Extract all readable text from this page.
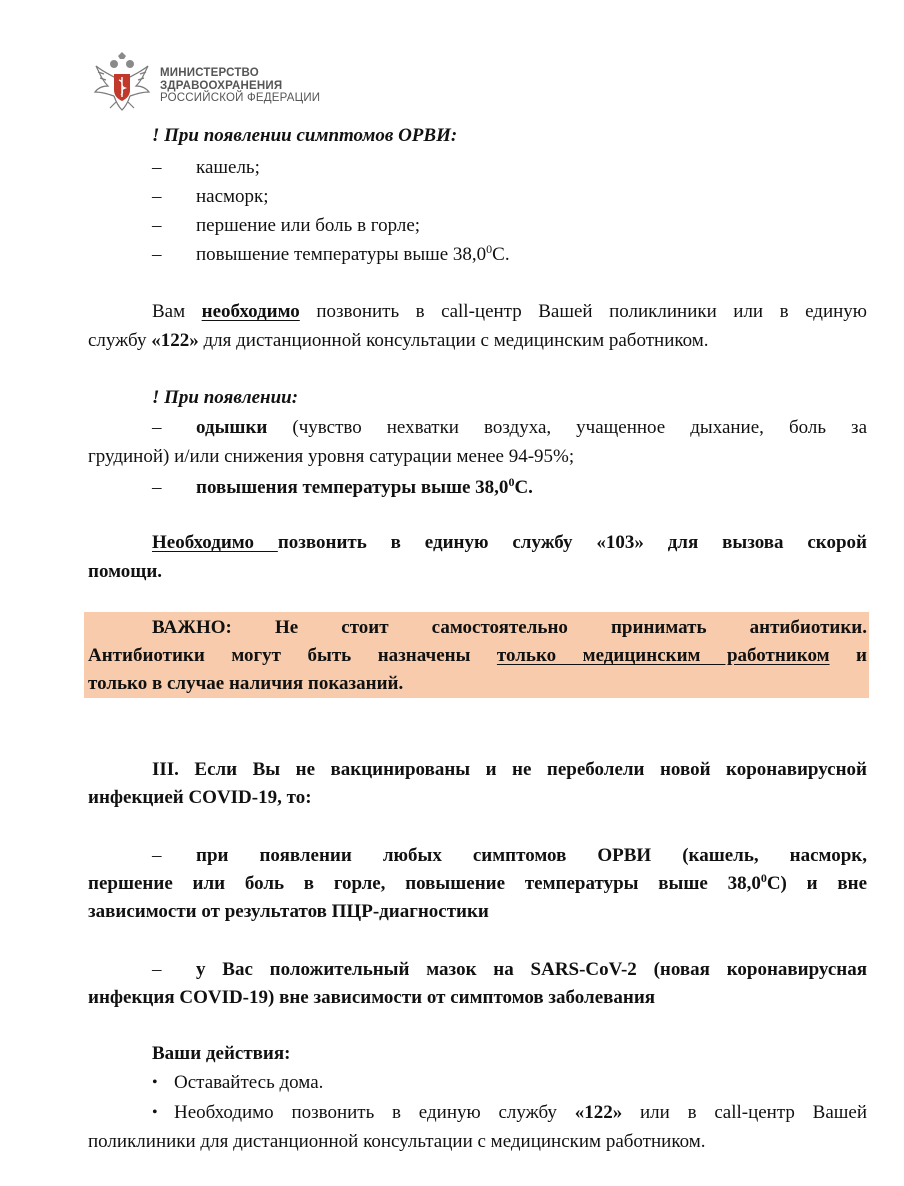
МИНИСТЕРСТВО
ЗДРАВООХРАНЕНИЯ
РОССИЙСКОЙ ФЕДЕРАЦИИ
! При появлении симптомов ОРВИ:
– кашель;
– насморк;
– першение или боль в горле;
– повышение температуры выше 38,0$^0$С.
Вам необходимо позвонить в call-центр Вашей поликлиники или в единую
службу «122» для дистанционной консультации с медицинским работником.
! При появлении:
– одышки (чувство нехватки воздуха, учащенное дыхание, боль за
грудиной) и/или снижения уровня сатурации менее 94-95%;
– повышения температуры выше 38,0$^0$С.
Необходимо позвонить в единую службу «103» для вызова скорой
помощи.
ВАЖНО: Не стоит самостоятельно принимать антибиотики.
Антибиотики могут быть назначены только медицинским работником и
только в случае наличия показаний.
III. Если Вы не вакцинированы и не переболели новой коронавирусной
инфекцией COVID-19, то:
– при появлении любых симптомов ОРВИ (кашель, насморк,
першение или боль в горле, повышение температуры выше 38,0$^0$С) и вне
зависимости от результатов ПЦР-диагностики
– у Вас положительный мазок на SARS-CoV-2 (новая коронавирусная
инфекция COVID-19) вне зависимости от симптомов заболевания
Ваши действия:
• Оставайтесь дома.
• Необходимо позвонить в единую службу «122» или в call-центр Вашей
поликлиники для дистанционной консультации с медицинским работником.
